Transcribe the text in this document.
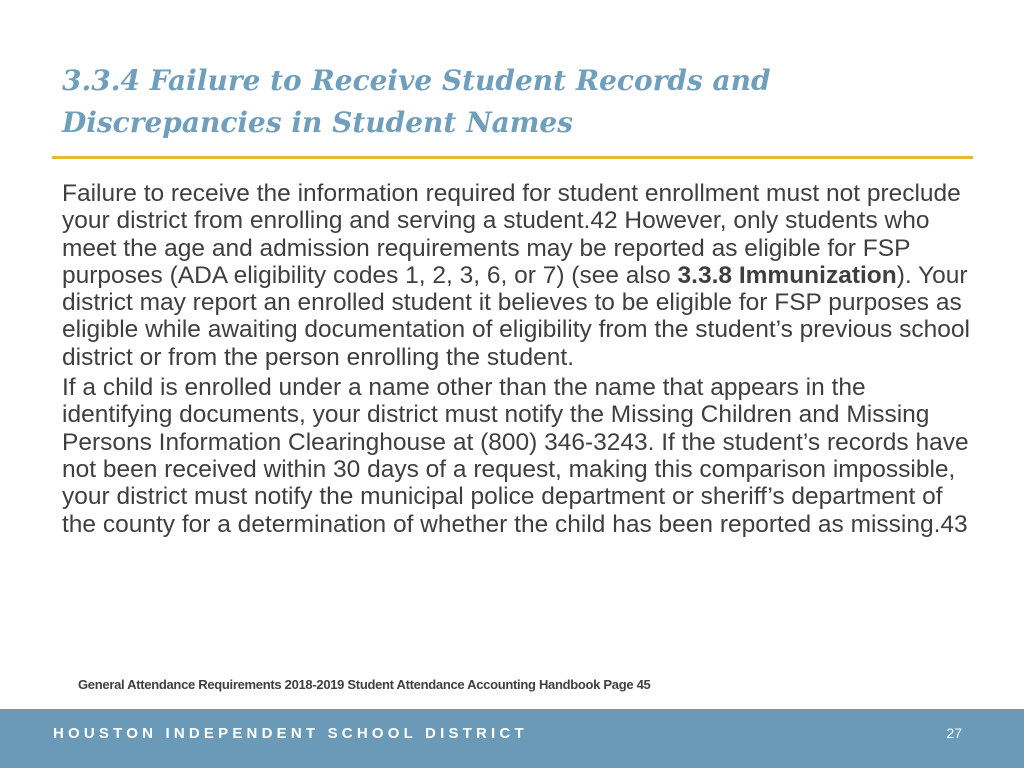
3.3.4 Failure to Receive Student Records and Discrepancies in Student Names

Failure to receive the information required for student enrollment must not preclude your district from enrolling and serving a student.42 However, only students who meet the age and admission requirements may be reported as eligible for FSP purposes (ADA eligibility codes 1, 2, 3, 6, or 7) (see also 3.3.8 Immunization). Your district may report an enrolled student it believes to be eligible for FSP purposes as eligible while awaiting documentation of eligibility from the student’s previous school district or from the person enrolling the student.

If a child is enrolled under a name other than the name that appears in the identifying documents, your district must notify the Missing Children and Missing Persons Information Clearinghouse at (800) 346-3243. If the student’s records have not been received within 30 days of a request, making this comparison impossible, your district must notify the municipal police department or sheriff’s department of the county for a determination of whether the child has been reported as missing.43

General Attendance Requirements 2018-2019 Student Attendance Accounting Handbook Page 45
HOUSTON INDEPENDENT SCHOOL DISTRICT	27
